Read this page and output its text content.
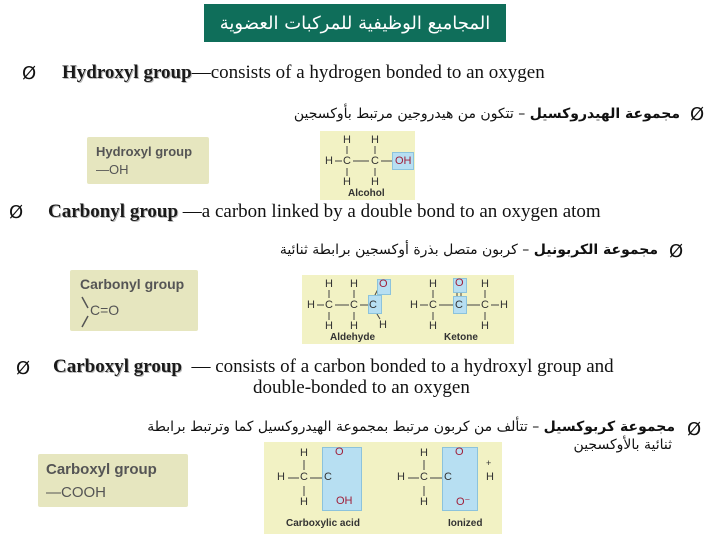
المجاميع الوظيفية للمركبات العضوية
Ø Hydroxyl group—consists of a hydrogen bonded to an oxygen
Ø
مجموعة الهيدروكسيل – تتكون من هيدروجين مرتبط بأوكسجين
Hydroxyl group
—OH
H H
H C C OH
H H
Alcohol
Ø Carbonyl group —a carbon linked by a double bond to an oxygen atom
Ø
مجموعة الكربونيل – كربون متصل بذرة أوكسجين برابطة ثنائية
Carbonyl group
C=O
H H
H C C C
O
H
H H
Aldehyde
H	H
H C C
O
C H
H	H
Ketone
Ø Carboxyl group — consists of a carbon bonded to a hydroxyl group and
double-bonded to an oxygen
Ø
مجموعة كربوكسيل – تتألف من كربون مرتبط بمجموعة الهيدروكسيل كما وترتبط برابطة
ثنائية بالأوكسجين
Carboxyl group
—COOH
H
H C
O
C
OH
H
Carboxylic acid
H
H C
O
C
O⁻
H
+
H
Ionized
